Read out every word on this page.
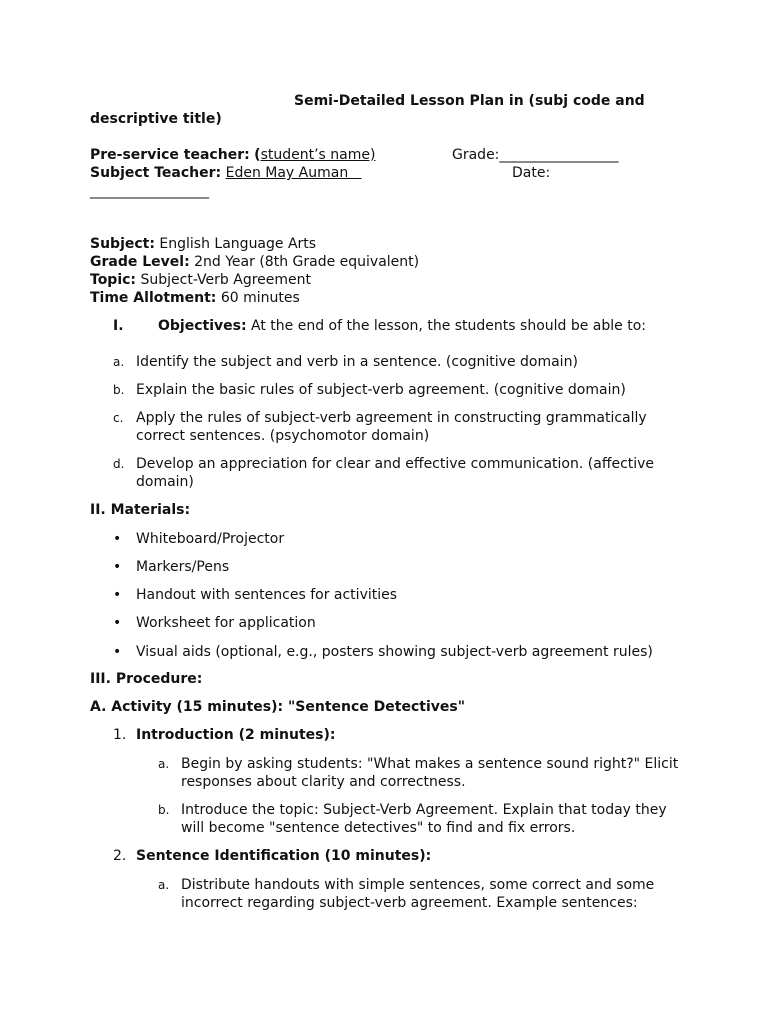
Semi-Detailed Lesson Plan in (subj code and
descriptive title)
Pre-service teacher: (student’s name)	Grade:_________________
Subject Teacher: Eden May Auman	Date:
_________________
Subject: English Language Arts
Grade Level: 2nd Year (8th Grade equivalent)
Topic: Subject-Verb Agreement
Time Allotment: 60 minutes
I. Objectives: At the end of the lesson, the students should be able to:
a. Identify the subject and verb in a sentence. (cognitive domain)
b. Explain the basic rules of subject-verb agreement. (cognitive domain)
c. Apply the rules of subject-verb agreement in constructing grammatically
correct sentences. (psychomotor domain)
d. Develop an appreciation for clear and effective communication. (affective
domain)
II. Materials:
• Whiteboard/Projector
• Markers/Pens
• Handout with sentences for activities
• Worksheet for application
• Visual aids (optional, e.g., posters showing subject-verb agreement rules)
III. Procedure:
A. Activity (15 minutes): "Sentence Detectives"
1. Introduction (2 minutes):
a. Begin by asking students: "What makes a sentence sound right?" Elicit
responses about clarity and correctness.
b. Introduce the topic: Subject-Verb Agreement. Explain that today they
will become "sentence detectives" to find and fix errors.
2. Sentence Identification (10 minutes):
a. Distribute handouts with simple sentences, some correct and some
incorrect regarding subject-verb agreement. Example sentences:
